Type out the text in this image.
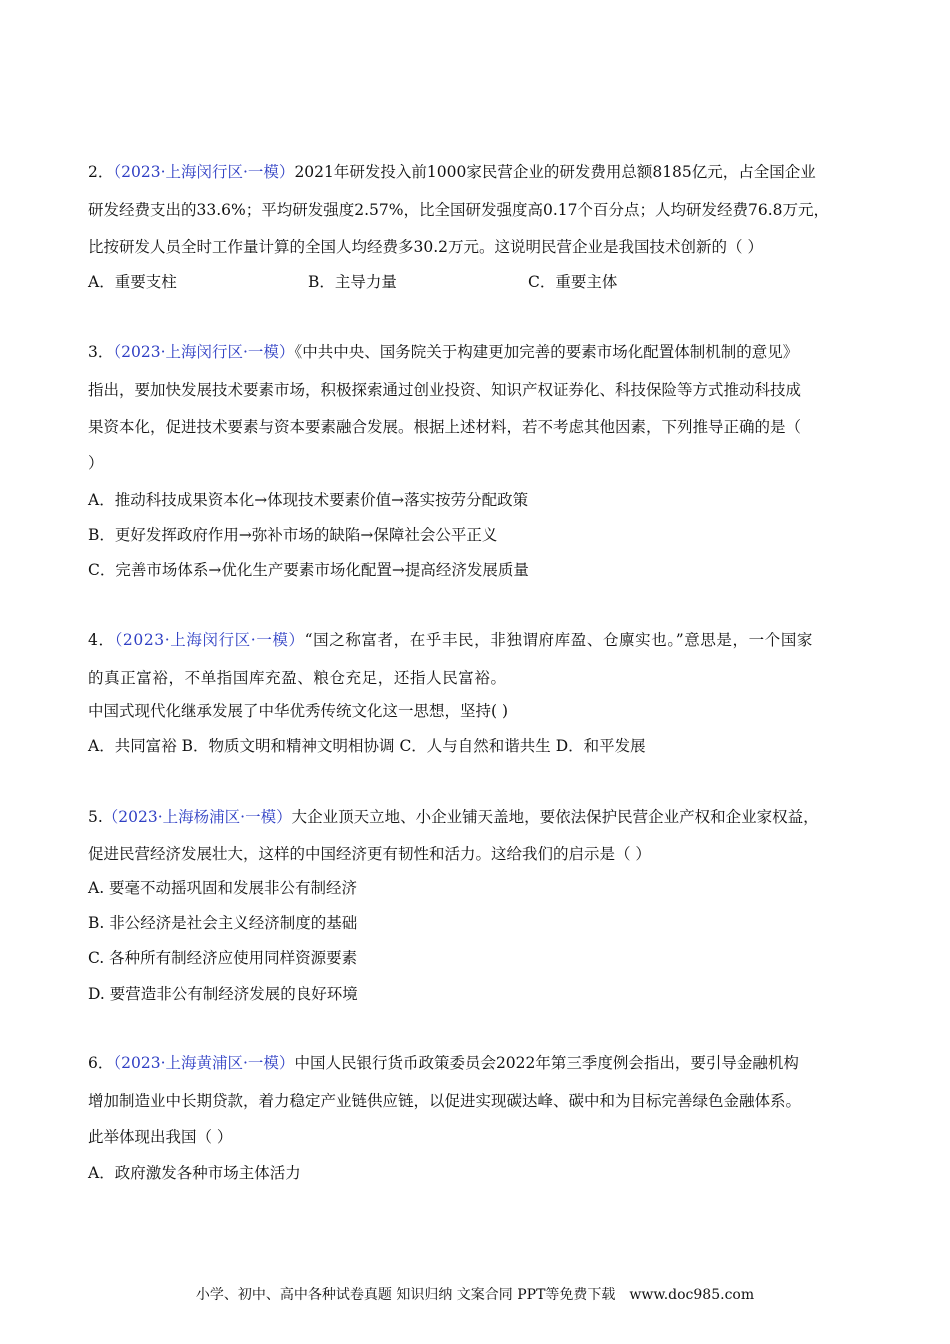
2．（2023·上海闵行区·一模）2021年研发投入前1000家民营企业的研发费用总额8185亿元，占全国企业
研发经费支出的33.6%；平均研发强度2.57%，比全国研发强度高0.17个百分点；人均研发经费76.8万元，
比按研发人员全时工作量计算的全国人均经费多30.2万元。这说明民营企业是我国技术创新的（ ）
A．重要支柱	B．主导力量	C．重要主体
3．（2023·上海闵行区·一模）《中共中央、国务院关于构建更加完善的要素市场化配置体制机制的意见》
指出，要加快发展技术要素市场，积极探索通过创业投资、知识产权证券化、科技保险等方式推动科技成
果资本化，促进技术要素与资本要素融合发展。根据上述材料，若不考虑其他因素，下列推导正确的是（
）
A．推动科技成果资本化→体现技术要素价值→落实按劳分配政策
B．更好发挥政府作用→弥补市场的缺陷→保障社会公平正义
C．完善市场体系→优化生产要素市场化配置→提高经济发展质量
4．（2023·上海闵行区·一模）“国之称富者，在乎丰民，非独谓府库盈、仓廪实也。”意思是，一个国家
的真正富裕，不单指国库充盈、粮仓充足，还指人民富裕。
中国式现代化继承发展了中华优秀传统文化这一思想，坚持( )
A．共同富裕 B．物质文明和精神文明相协调 C．人与自然和谐共生 D．和平发展
5.（2023·上海杨浦区·一模）大企业顶天立地、小企业铺天盖地，要依法保护民营企业产权和企业家权益，
促进民营经济发展壮大，这样的中国经济更有韧性和活力。这给我们的启示是（ ）
A. 要毫不动摇巩固和发展非公有制经济
B. 非公经济是社会主义经济制度的基础
C. 各种所有制经济应使用同样资源要素
D. 要营造非公有制经济发展的良好环境
6．（2023·上海黄浦区·一模）中国人民银行货币政策委员会2022年第三季度例会指出，要引导金融机构
增加制造业中长期贷款，着力稳定产业链供应链，以促进实现碳达峰、碳中和为目标完善绿色金融体系。
此举体现出我国（ ）
A．政府激发各种市场主体活力
小学、初中、高中各种试卷真题 知识归纳 文案合同 PPT等免费下载 www.doc985.com
